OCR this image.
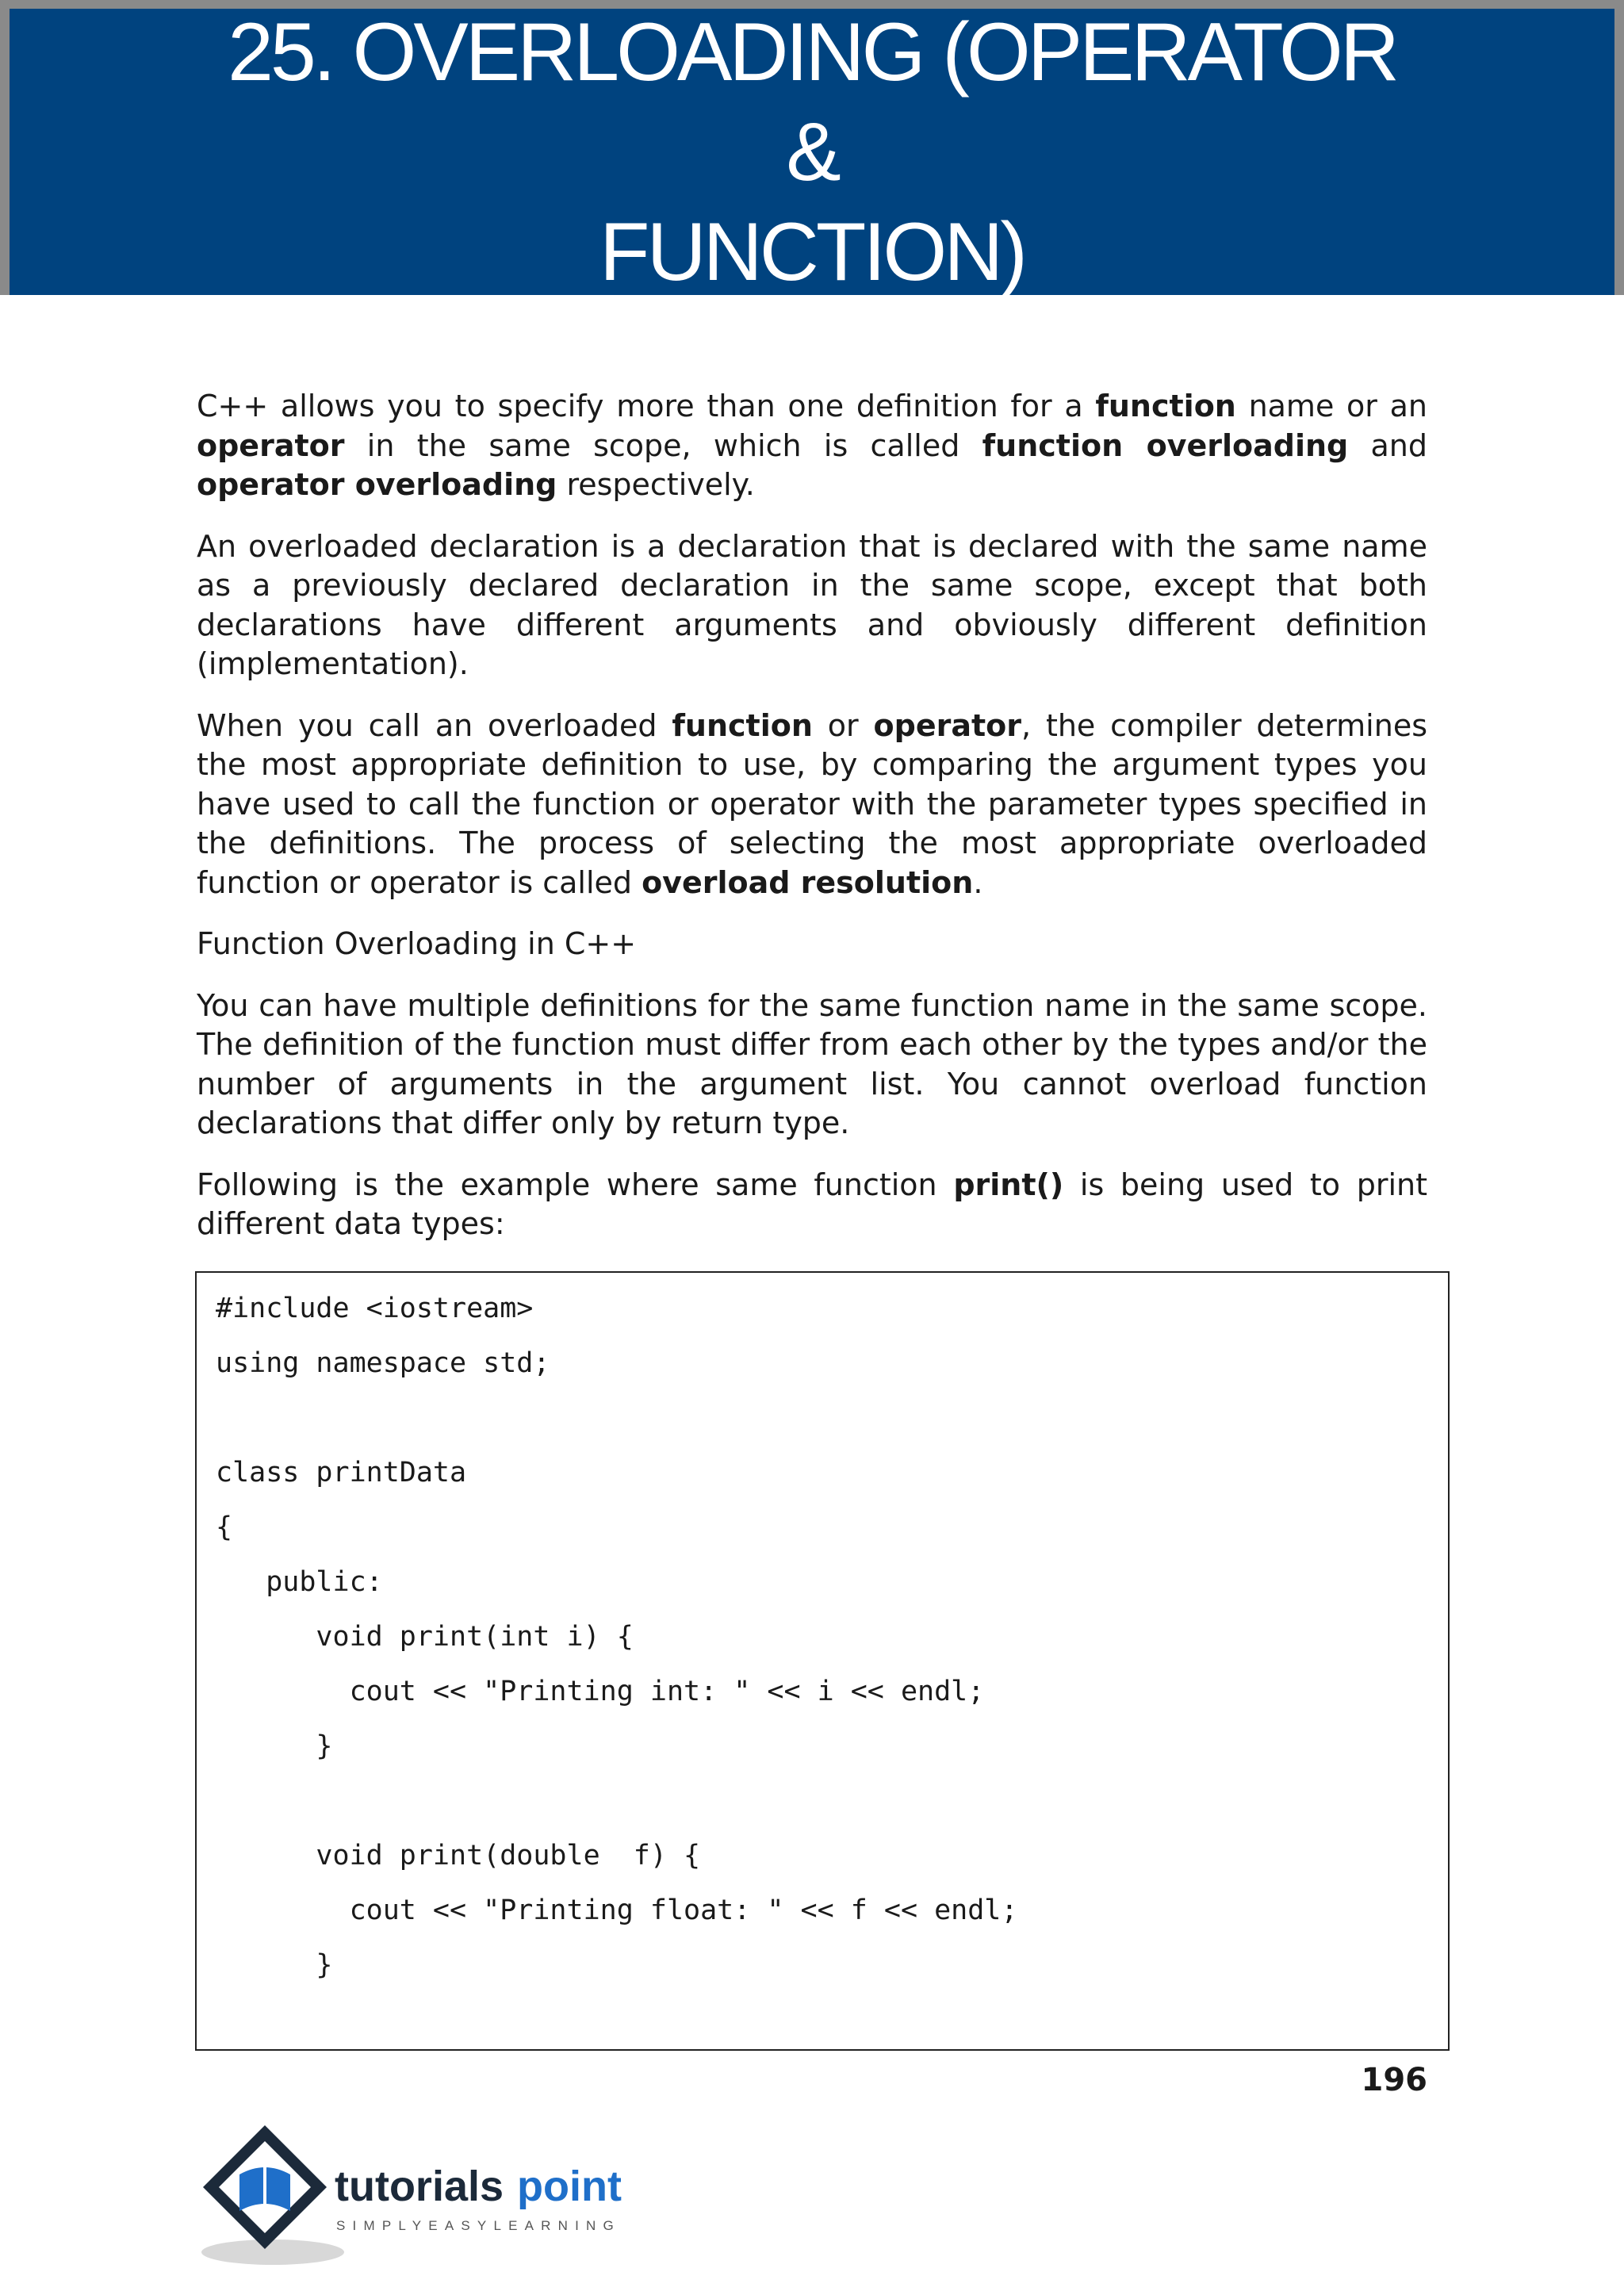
25. OVERLOADING (OPERATOR &
FUNCTION)

C++ allows you to specify more than one definition for a function name or an operator in the same scope, which is called function overloading and operator overloading respectively.

An overloaded declaration is a declaration that is declared with the same name as a previously declared declaration in the same scope, except that both declarations have different arguments and obviously different definition (implementation).

When you call an overloaded function or operator, the compiler determines the most appropriate definition to use, by comparing the argument types you have used to call the function or operator with the parameter types specified in the definitions. The process of selecting the most appropriate overloaded function or operator is called overload resolution.

Function Overloading in C++

You can have multiple definitions for the same function name in the same scope. The definition of the function must differ from each other by the types and/or the number of arguments in the argument list. You cannot overload function declarations that differ only by return type.

Following is the example where same function print() is being used to print different data types:

#include <iostream>
using namespace std;
class printData
{
public:
void print(int i) {
cout << "Printing int: " << i << endl;
}
void print(double  f) {
cout << "Printing float: " << f << endl;
}
196
tutorials point
SIMPLYEASYLEARNING
